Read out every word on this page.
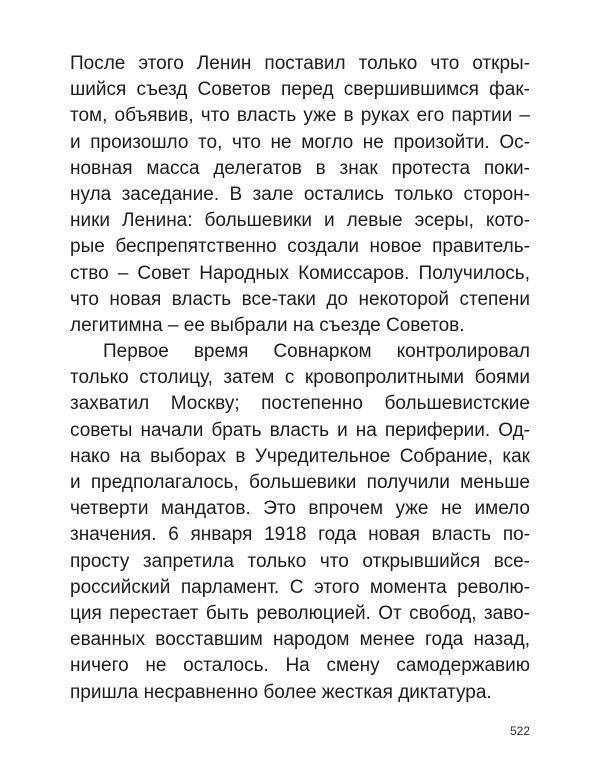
После этого Ленин поставил только что откры-
шийся съезд Советов перед свершившимся фак-
том, объявив, что власть уже в руках его партии –
и произошло то, что не могло не произойти. Ос-
новная масса делегатов в знак протеста поки-
нула заседание. В зале остались только сторон-
ники Ленина: большевики и левые эсеры, кото-
рые беспрепятственно создали новое правитель-
ство – Совет Народных Комиссаров. Получилось,
что новая власть все-таки до некоторой степени
легитимна – ее выбрали на съезде Советов.
Первое время Совнарком контролировал
только столицу, затем с кровопролитными боями
захватил Москву; постепенно большевистские
советы начали брать власть и на периферии. Од-
нако на выборах в Учредительное Собрание, как
и предполагалось, большевики получили меньше
четверти мандатов. Это впрочем уже не имело
значения. 6 января 1918 года новая власть по-
просту запретила только что открывшийся все-
российский парламент. С этого момента револю-
ция перестает быть революцией. От свобод, заво-
еванных восставшим народом менее года назад,
ничего не осталось. На смену самодержавию
пришла несравненно более жесткая диктатура.
522
